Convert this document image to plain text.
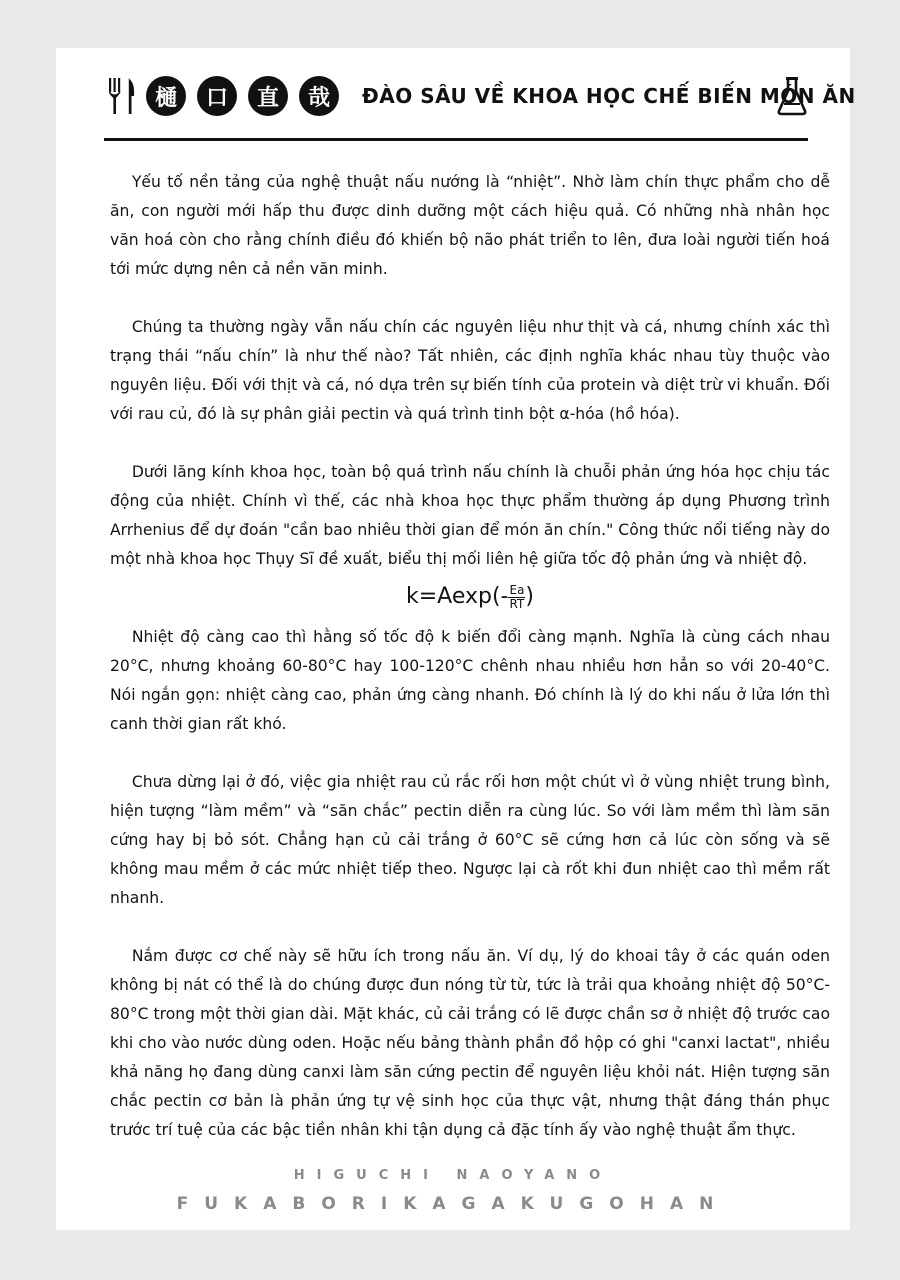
樋	口	直	哉	ĐÀO SÂU VỀ KHOA HỌC CHẾ BIẾN MÓN ĂN

Yếu tố nền tảng của nghệ thuật nấu nướng là “nhiệt”. Nhờ làm chín thực phẩm cho dễ ăn, con người mới hấp thu được dinh dưỡng một cách hiệu quả. Có những nhà nhân học văn hoá còn cho rằng chính điều đó khiến bộ não phát triển to lên, đưa loài người tiến hoá tới mức dựng nên cả nền văn minh.

Chúng ta thường ngày vẫn nấu chín các nguyên liệu như thịt và cá, nhưng chính xác thì trạng thái “nấu chín” là như thế nào? Tất nhiên, các định nghĩa khác nhau tùy thuộc vào nguyên liệu. Đối với thịt và cá, nó dựa trên sự biến tính của protein và diệt trừ vi khuẩn. Đối với rau củ, đó là sự phân giải pectin và quá trình tinh bột α-hóa (hồ hóa).

Dưới lăng kính khoa học, toàn bộ quá trình nấu chính là chuỗi phản ứng hóa học chịu tác động của nhiệt. Chính vì thế, các nhà khoa học thực phẩm thường áp dụng Phương trình Arrhenius để dự đoán "cần bao nhiêu thời gian để món ăn chín." Công thức nổi tiếng này do một nhà khoa học Thụy Sĩ đề xuất, biểu thị mối liên hệ giữa tốc độ phản ứng và nhiệt độ.

$k=Aexp(- \frac{Ea}{RT}$ )

Nhiệt độ càng cao thì hằng số tốc độ k biến đổi càng mạnh. Nghĩa là cùng cách nhau 20°C, nhưng khoảng 60-80°C hay 100-120°C chênh nhau nhiều hơn hẳn so với 20-40°C. Nói ngắn gọn: nhiệt càng cao, phản ứng càng nhanh. Đó chính là lý do khi nấu ở lửa lớn thì canh thời gian rất khó.

Chưa dừng lại ở đó, việc gia nhiệt rau củ rắc rối hơn một chút vì ở vùng nhiệt trung bình, hiện tượng “làm mềm” và “săn chắc” pectin diễn ra cùng lúc. So với làm mềm thì làm săn cứng hay bị bỏ sót. Chẳng hạn củ cải trắng ở 60°C sẽ cứng hơn cả lúc còn sống và sẽ không mau mềm ở các mức nhiệt tiếp theo. Ngược lại cà rốt khi đun nhiệt cao thì mềm rất nhanh.

Nắm được cơ chế này sẽ hữu ích trong nấu ăn. Ví dụ, lý do khoai tây ở các quán oden không bị nát có thể là do chúng được đun nóng từ từ, tức là trải qua khoảng nhiệt độ 50°C-80°C trong một thời gian dài. Mặt khác, củ cải trắng có lẽ được chần sơ ở nhiệt độ trước cao khi cho vào nước dùng oden. Hoặc nếu bảng thành phần đồ hộp có ghi "canxi lactat", nhiều khả năng họ đang dùng canxi làm săn cứng pectin để nguyên liệu khỏi nát. Hiện tượng săn chắc pectin cơ bản là phản ứng tự vệ sinh học của thực vật, nhưng thật đáng thán phục trước trí tuệ của các bậc tiền nhân khi tận dụng cả đặc tính ấy vào nghệ thuật ẩm thực.

HIGUCHI NAOYANO
FUKABORIKAGAKUGOHAN
